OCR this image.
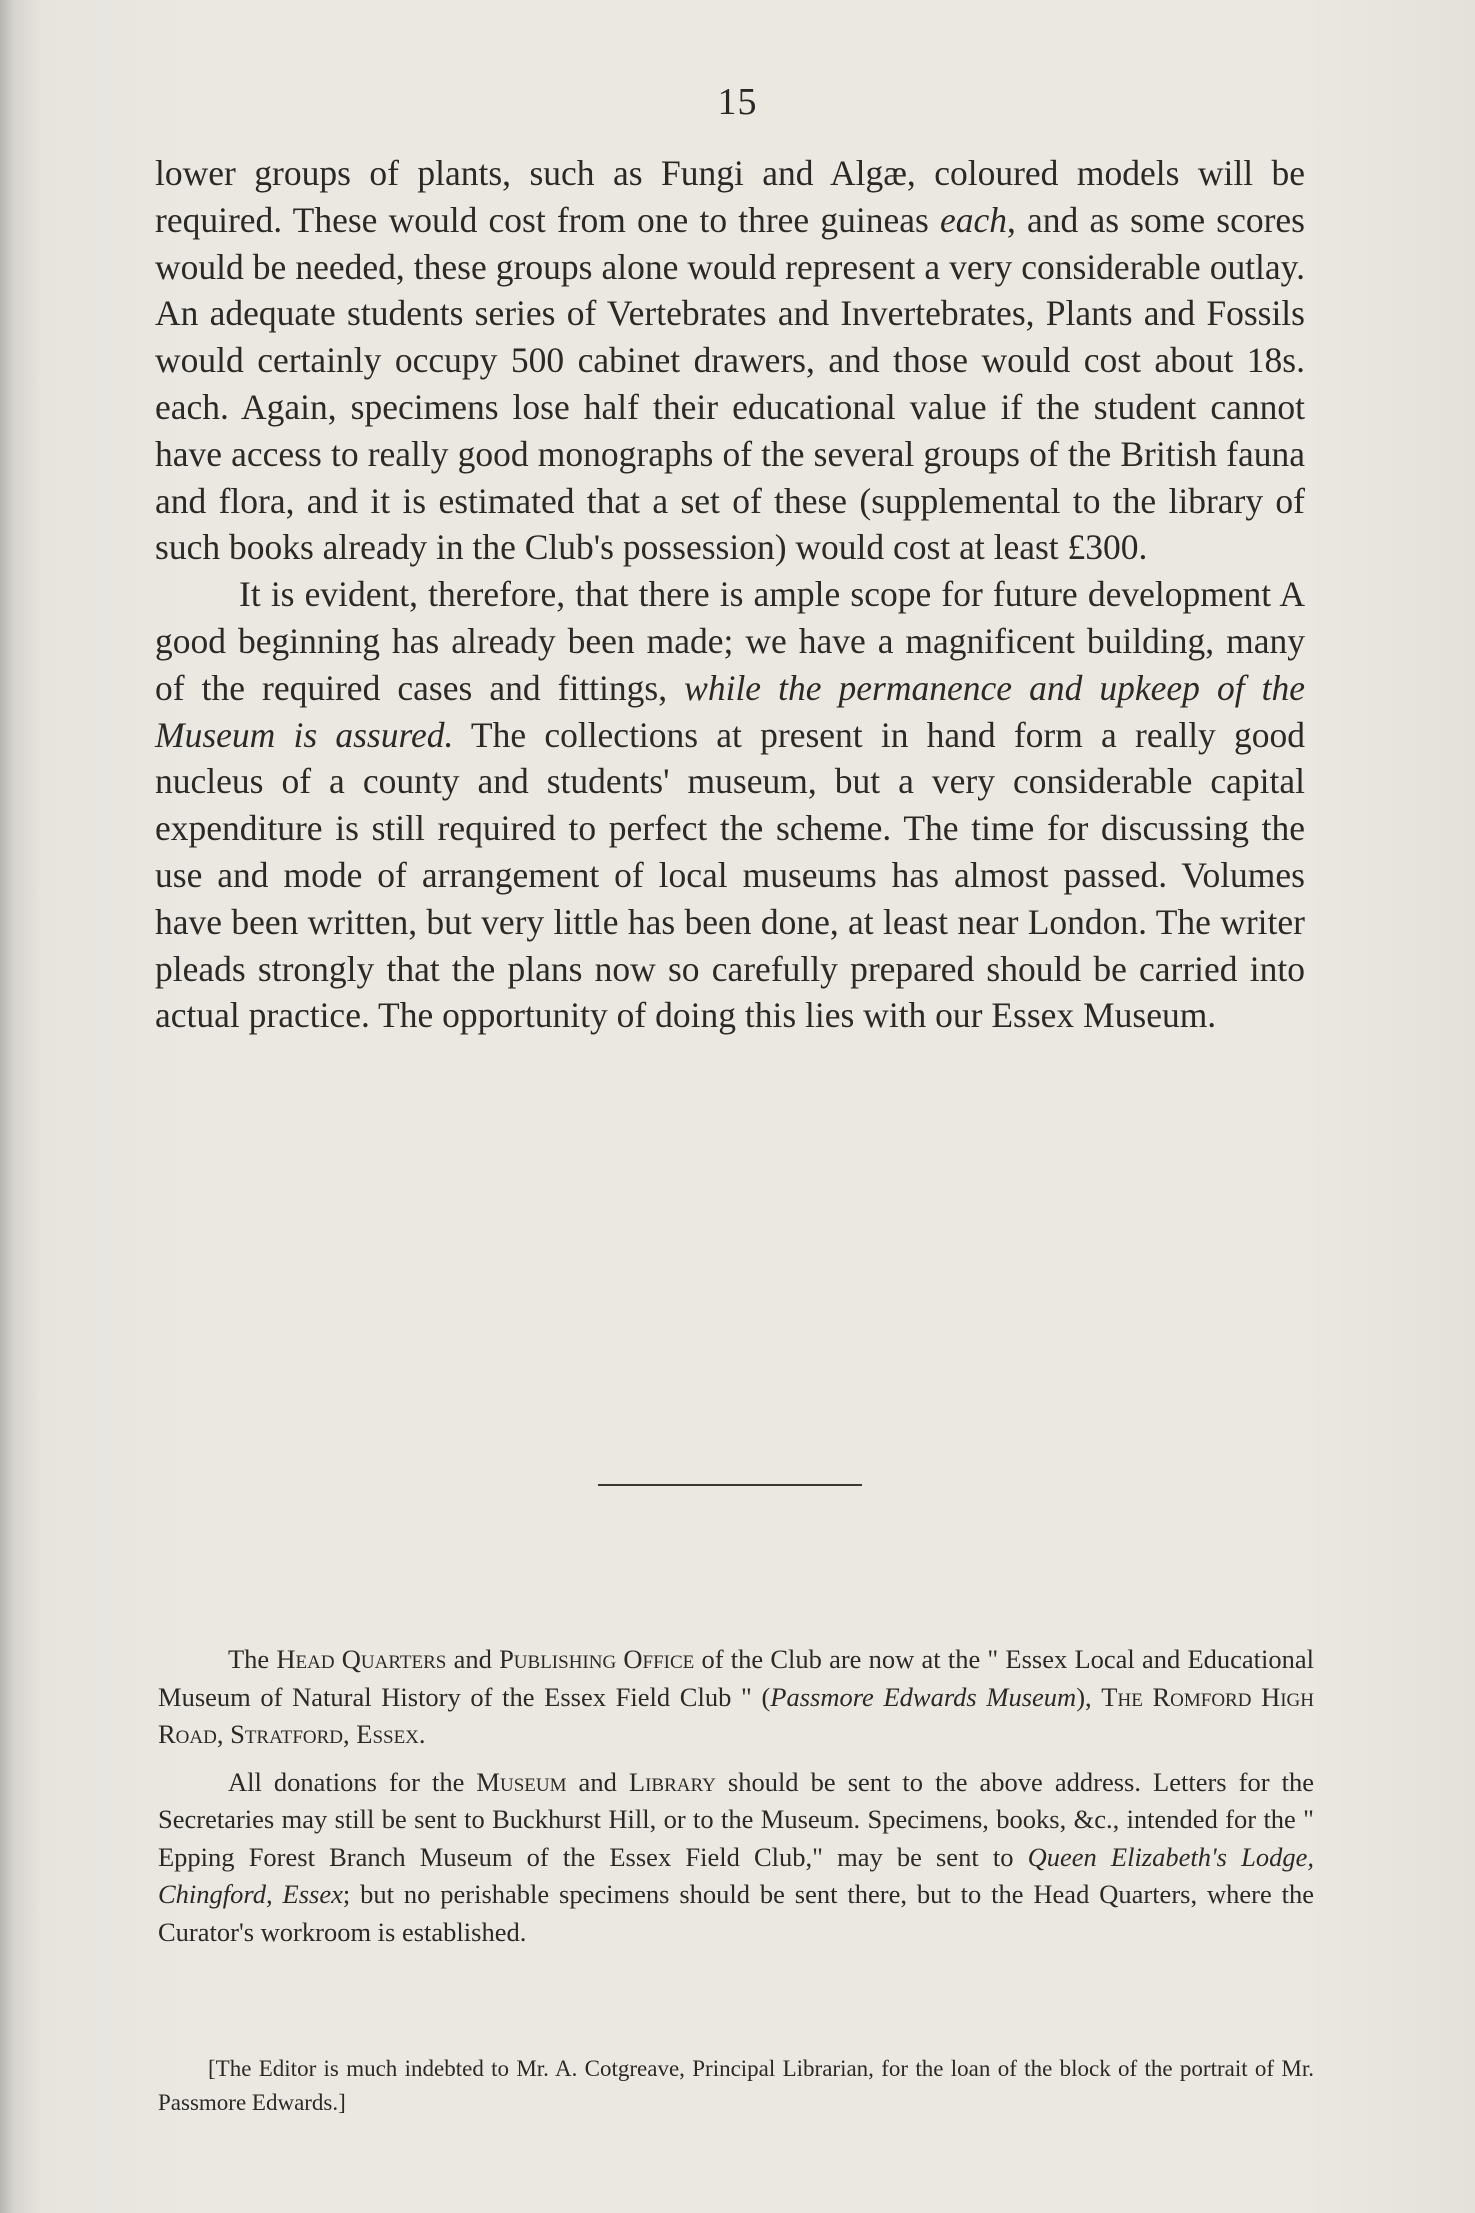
15

lower groups of plants, such as Fungi and Algæ, coloured models will be required. These would cost from one to three guineas each, and as some scores would be needed, these groups alone would represent a very considerable outlay. An adequate students series of Vertebrates and Invertebrates, Plants and Fossils would certainly occupy 500 cabinet drawers, and those would cost about 18s. each. Again, specimens lose half their educational value if the student cannot have access to really good monographs of the several groups of the British fauna and flora, and it is estimated that a set of these (supplemental to the library of such books already in the Club's possession) would cost at least £300.

It is evident, therefore, that there is ample scope for future development A good beginning has already been made; we have a magnificent building, many of the required cases and fittings, while the permanence and upkeep of the Museum is assured. The collections at present in hand form a really good nucleus of a county and students' museum, but a very considerable capital expenditure is still required to perfect the scheme. The time for discussing the use and mode of arrangement of local museums has almost passed. Volumes have been written, but very little has been done, at least near London. The writer pleads strongly that the plans now so carefully prepared should be carried into actual practice. The opportunity of doing this lies with our Essex Museum.

The Head Quarters and Publishing Office of the Club are now at the " Essex Local and Educational Museum of Natural History of the Essex Field Club " (Passmore Edwards Museum), The Romford High Road, Stratford, Essex.

All donations for the Museum and Library should be sent to the above address. Letters for the Secretaries may still be sent to Buckhurst Hill, or to the Museum. Specimens, books, &c., intended for the " Epping Forest Branch Museum of the Essex Field Club," may be sent to Queen Elizabeth's Lodge, Chingford, Essex; but no perishable specimens should be sent there, but to the Head Quarters, where the Curator's workroom is established.

[The Editor is much indebted to Mr. A. Cotgreave, Principal Librarian, for the loan of the block of the portrait of Mr. Passmore Edwards.]
